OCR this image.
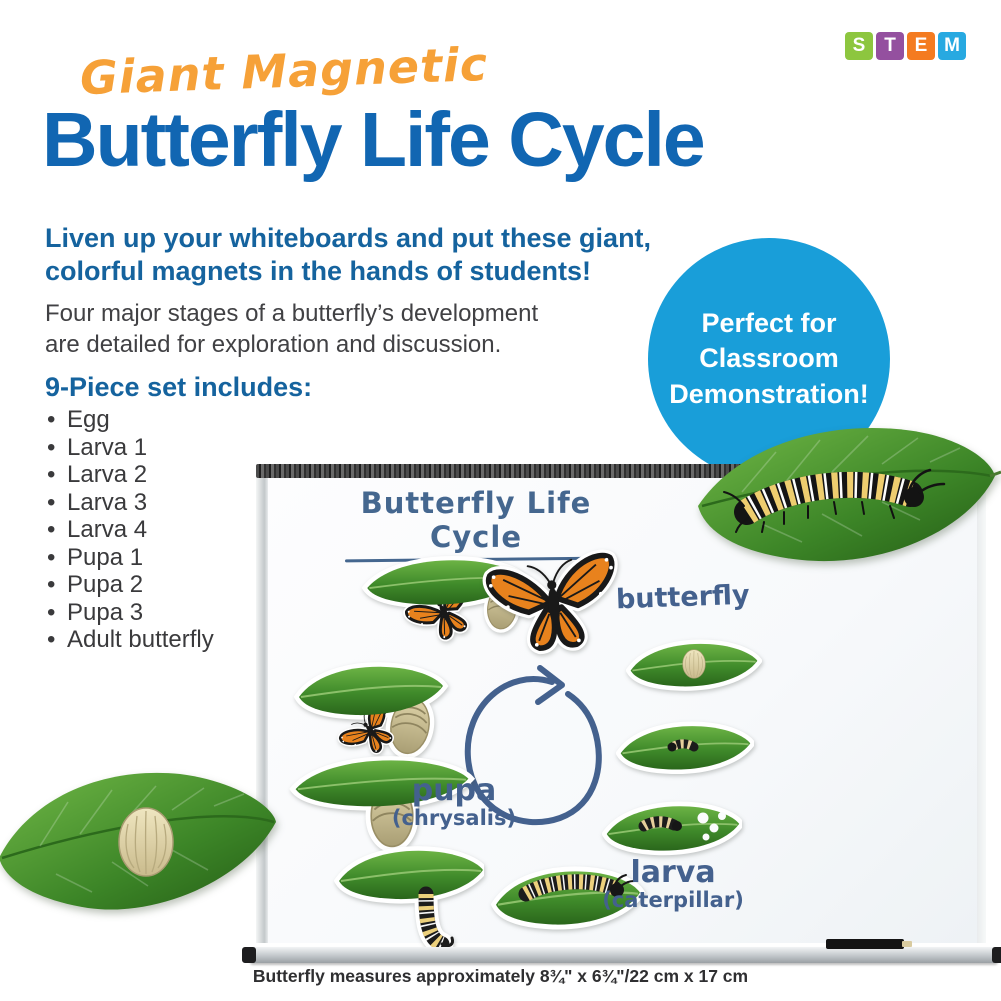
S T E M
Giant Magnetic
Butterfly Life Cycle
Liven up your whiteboards and put these giant,
colorful magnets in the hands of students!
Four major stages of a butterfly’s development
are detailed for exploration and discussion.
9-Piece set includes:
• Egg
• Larva 1
• Larva 2
• Larva 3
• Larva 4
• Pupa 1
• Pupa 2
• Pupa 3
• Adult butterfly
Perfect for
Classroom
Demonstration!
Butterfly Life Cycle
butterfly
pupa
(chrysalis)
larva
(caterpillar)
Butterfly measures approximately 8¾" x 6¾"/22 cm x 17 cm
